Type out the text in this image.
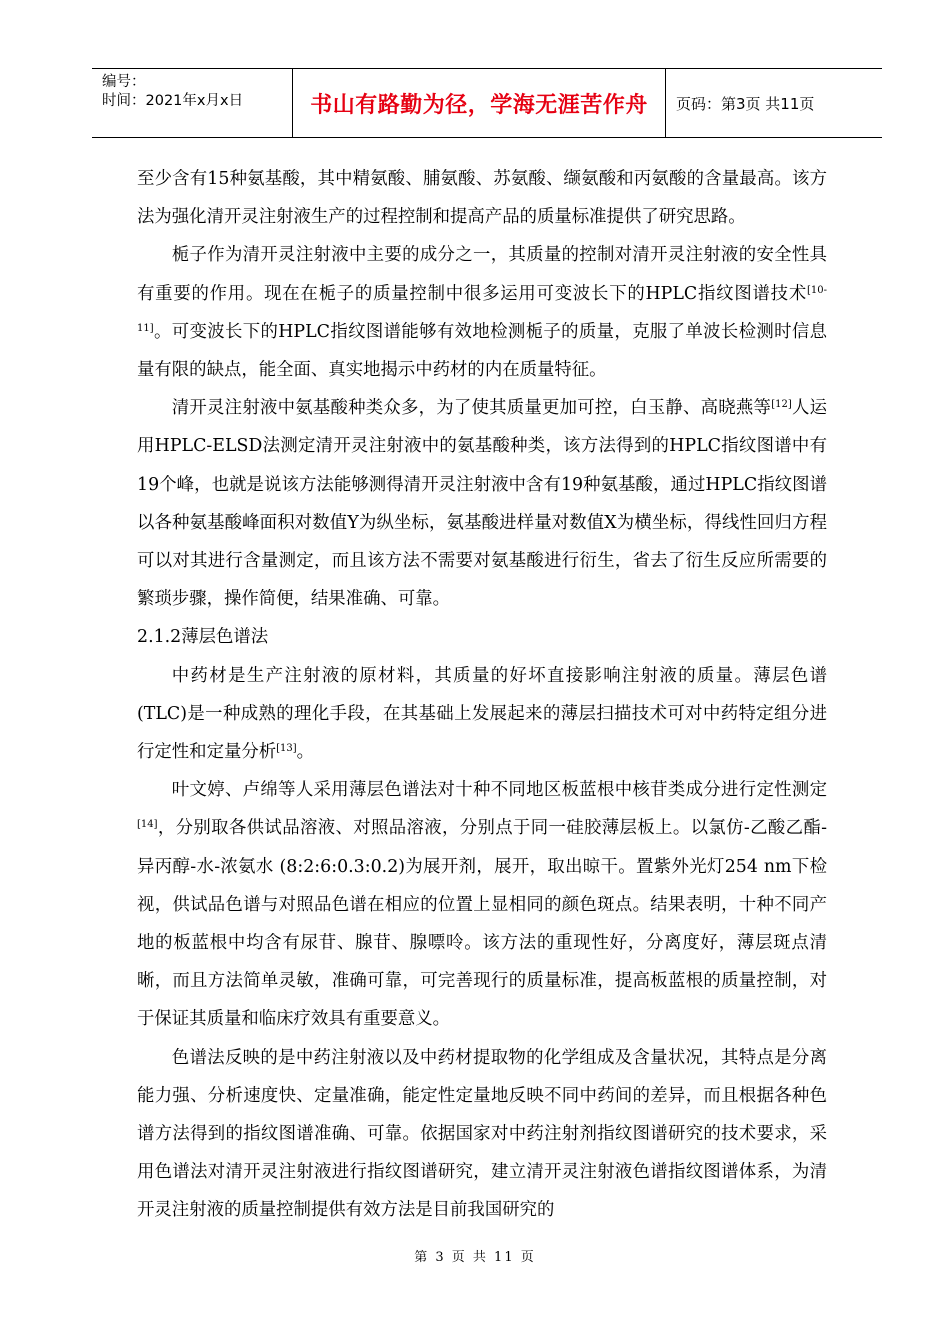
编号：
时间：2021年x月x日	书山有路勤为径，学海无涯苦作舟	页码：第3页 共11页

至少含有15种氨基酸，其中精氨酸、脯氨酸、苏氨酸、缬氨酸和丙氨酸的含量最高。该方法为强化清开灵注射液生产的过程控制和提高产品的质量标准提供了研究思路。

栀子作为清开灵注射液中主要的成分之一，其质量的控制对清开灵注射液的安全性具有重要的作用。现在在栀子的质量控制中很多运用可变波长下的HPLC指纹图谱技术[10-11]。可变波长下的HPLC指纹图谱能够有效地检测栀子的质量，克服了单波长检测时信息量有限的缺点，能全面、真实地揭示中药材的内在质量特征。

清开灵注射液中氨基酸种类众多，为了使其质量更加可控，白玉静、高晓燕等[12]人运用HPLC-ELSD法测定清开灵注射液中的氨基酸种类，该方法得到的HPLC指纹图谱中有19个峰，也就是说该方法能够测得清开灵注射液中含有19种氨基酸，通过HPLC指纹图谱以各种氨基酸峰面积对数值Y为纵坐标，氨基酸进样量对数值X为横坐标，得线性回归方程可以对其进行含量测定，而且该方法不需要对氨基酸进行衍生，省去了衍生反应所需要的繁琐步骤，操作简便，结果准确、可靠。

2.1.2薄层色谱法

中药材是生产注射液的原材料，其质量的好坏直接影响注射液的质量。薄层色谱(TLC)是一种成熟的理化手段，在其基础上发展起来的薄层扫描技术可对中药特定组分进行定性和定量分析[13]。

叶文婷、卢绵等人采用薄层色谱法对十种不同地区板蓝根中核苷类成分进行定性测定[14]，分别取各供试品溶液、对照品溶液，分别点于同一硅胶薄层板上。以氯仿-乙酸乙酯-异丙醇-水-浓氨水 (8:2:6:0.3:0.2)为展开剂，展开，取出晾干。置紫外光灯254 nm下检视，供试品色谱与对照品色谱在相应的位置上显相同的颜色斑点。结果表明，十种不同产地的板蓝根中均含有尿苷、腺苷、腺嘌呤。该方法的重现性好，分离度好，薄层斑点清晰，而且方法简单灵敏，准确可靠，可完善现行的质量标准，提高板蓝根的质量控制，对于保证其质量和临床疗效具有重要意义。

色谱法反映的是中药注射液以及中药材提取物的化学组成及含量状况，其特点是分离能力强、分析速度快、定量准确，能定性定量地反映不同中药间的差异，而且根据各种色谱方法得到的指纹图谱准确、可靠。依据国家对中药注射剂指纹图谱研究的技术要求，采用色谱法对清开灵注射液进行指纹图谱研究，建立清开灵注射液色谱指纹图谱体系，为清开灵注射液的质量控制提供有效方法是目前我国研究的

第 3 页 共 11 页
